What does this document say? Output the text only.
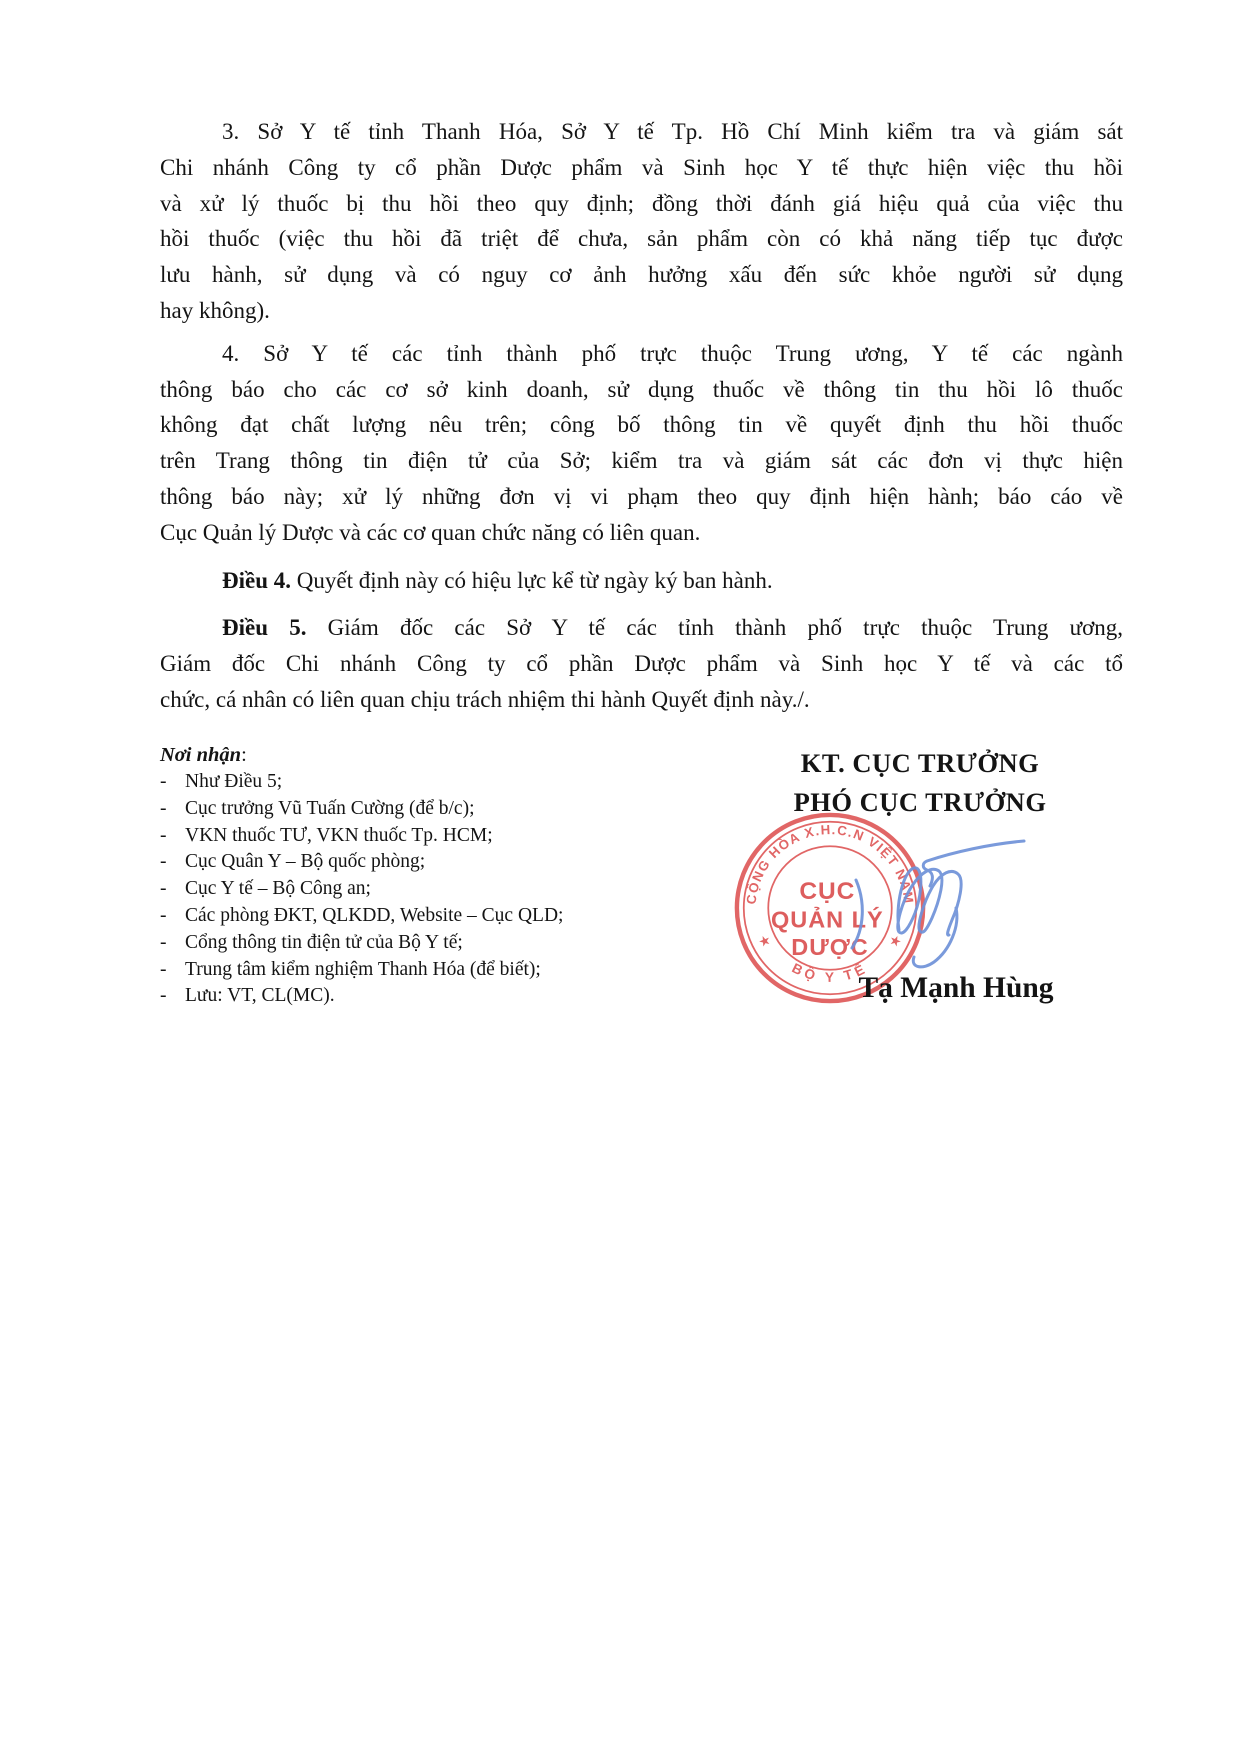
3. Sở Y tế tỉnh Thanh Hóa, Sở Y tế Tp. Hồ Chí Minh kiểm tra và giám sát
Chi nhánh Công ty cổ phần Dược phẩm và Sinh học Y tế thực hiện việc thu hồi
và xử lý thuốc bị thu hồi theo quy định; đồng thời đánh giá hiệu quả của việc thu
hồi thuốc (việc thu hồi đã triệt để chưa, sản phẩm còn có khả năng tiếp tục được
lưu hành, sử dụng và có nguy cơ ảnh hưởng xấu đến sức khỏe người sử dụng
hay không).
4. Sở Y tế các tỉnh thành phố trực thuộc Trung ương, Y tế các ngành
thông báo cho các cơ sở kinh doanh, sử dụng thuốc về thông tin thu hồi lô thuốc
không đạt chất lượng nêu trên; công bố thông tin về quyết định thu hồi thuốc
trên Trang thông tin điện tử của Sở; kiểm tra và giám sát các đơn vị thực hiện
thông báo này; xử lý những đơn vị vi phạm theo quy định hiện hành; báo cáo về
Cục Quản lý Dược và các cơ quan chức năng có liên quan.
Điều 4. Quyết định này có hiệu lực kể từ ngày ký ban hành.
Điều 5. Giám đốc các Sở Y tế các tỉnh thành phố trực thuộc Trung ương,
Giám đốc Chi nhánh Công ty cổ phần Dược phẩm và Sinh học Y tế và các tổ
chức, cá nhân có liên quan chịu trách nhiệm thi hành Quyết định này./.
Nơi nhận:
- Như Điều 5;
- Cục trưởng Vũ Tuấn Cường (để b/c);
- VKN thuốc TƯ, VKN thuốc Tp. HCM;
- Cục Quân Y – Bộ quốc phòng;
- Cục Y tế – Bộ Công an;
- Các phòng ĐKT, QLKDD, Website – Cục QLD;
- Cổng thông tin điện tử của Bộ Y tế;
- Trung tâm kiểm nghiệm Thanh Hóa (để biết);
- Lưu: VT, CL(MC).
KT. CỤC TRƯỞNG
PHÓ CỤC TRƯỞNG
Tạ Mạnh Hùng
CỘNG HÒA X.H.C.N VIỆT NAM
BỘ Y TẾ
★	★
CỤC QUẢN LÝ DƯỢC
